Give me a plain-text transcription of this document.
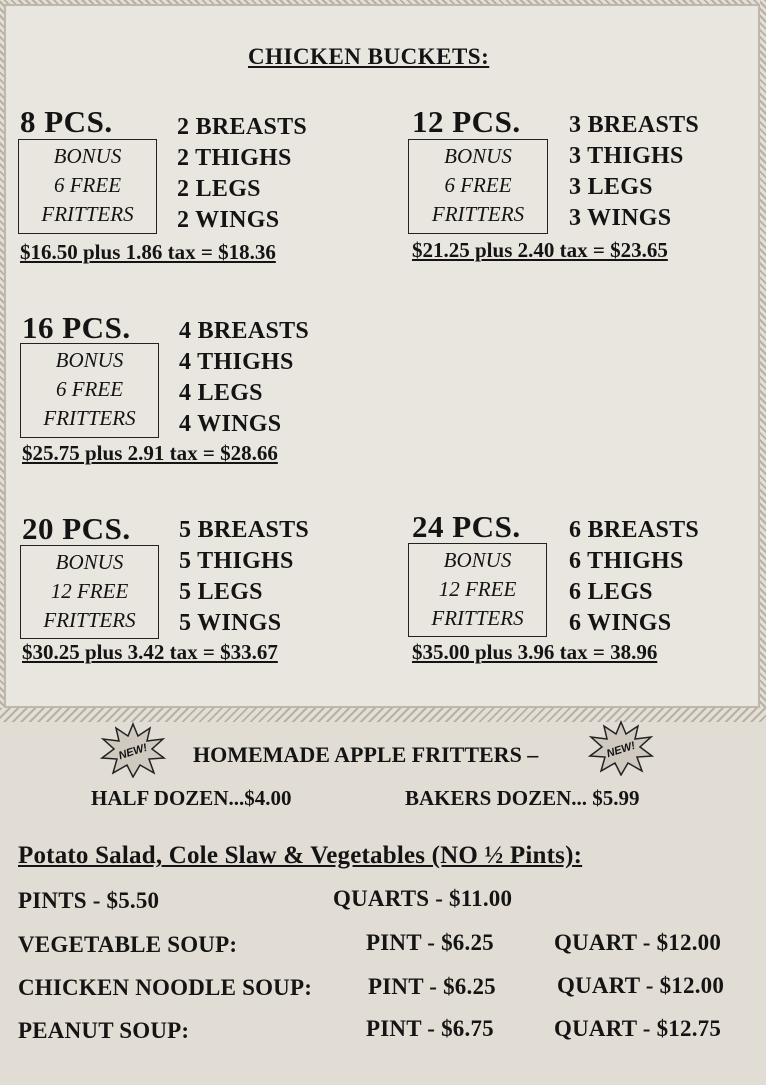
CHICKEN BUCKETS:
8 PCS.
BONUS
6 FREE
FRITTERS
2 BREASTS
2 THIGHS
2 LEGS
2 WINGS
$16.50 plus 1.86 tax = $18.36
12 PCS.
BONUS
6 FREE
FRITTERS
3 BREASTS
3 THIGHS
3 LEGS
3 WINGS
$21.25 plus 2.40 tax = $23.65
16 PCS.
BONUS
6 FREE
FRITTERS
4 BREASTS
4 THIGHS
4 LEGS
4 WINGS
$25.75 plus 2.91 tax = $28.66
20 PCS.
BONUS
12 FREE
FRITTERS
5 BREASTS
5 THIGHS
5 LEGS
5 WINGS
$30.25 plus 3.42 tax = $33.67
24 PCS.
BONUS
12 FREE
FRITTERS
6 BREASTS
6 THIGHS
6 LEGS
6 WINGS
$35.00 plus 3.96 tax = 38.96
NEW! HOMEMADE APPLE FRITTERS –	NEW!
HALF DOZEN...$4.00	BAKERS DOZEN... $5.99
Potato Salad, Cole Slaw & Vegetables (NO ½ Pints):
PINTS - $5.50	QUARTS - $11.00
VEGETABLE SOUP:	PINT - $6.25	QUART - $12.00
CHICKEN NOODLE SOUP: PINT - $6.25	QUART - $12.00
PEANUT SOUP:	PINT - $6.75	QUART - $12.75
